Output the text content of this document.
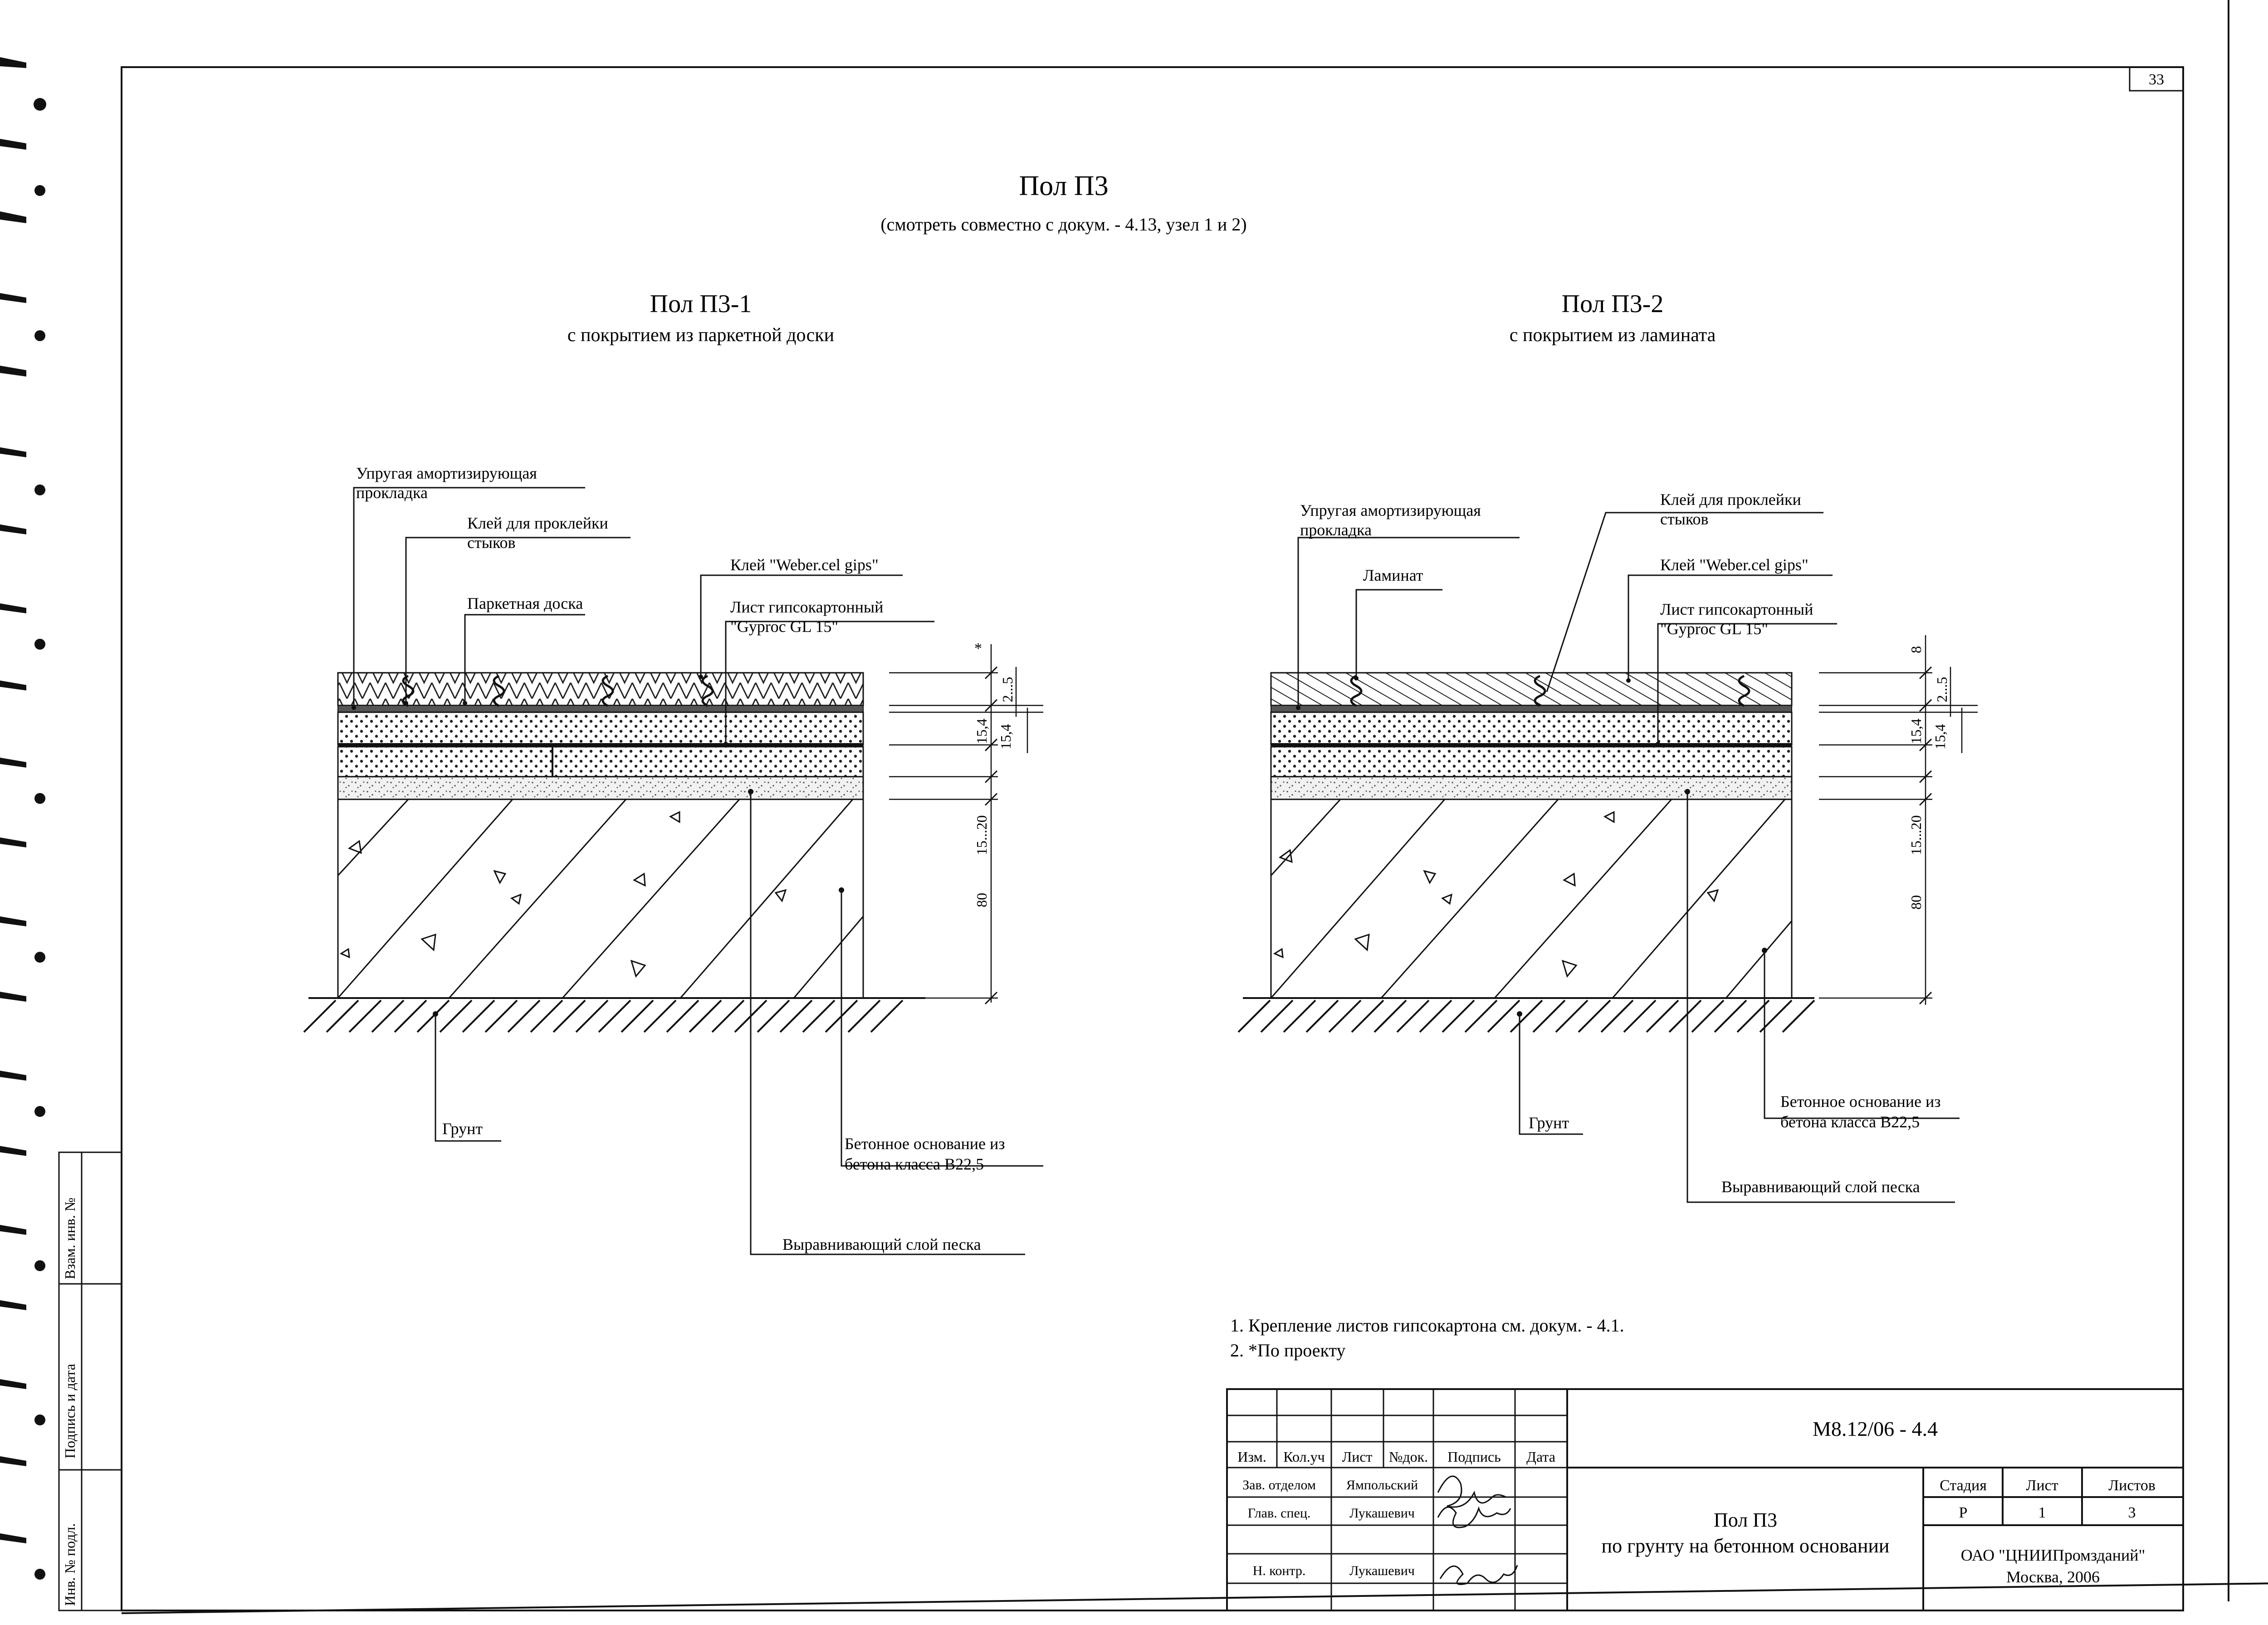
33
Взам. инв. №
Подпись и дата
Инв. № подл.
Пол П3
(смотреть совместно с докум. - 4.13, узел 1 и 2)
Пол П3-1
с покрытием из паркетной доски
Упругая амортизирующая
прокладка
Клей для проклейки
стыков
Паркетная доска
Клей "Weber.cel gips"
Лист гипсокартонный
"Gyproc GL 15"
Грунт
Бетонное основание из
бетона класса B22,5
Выравнивающий слой песка
*
2...5
15,4 15,4
15...20
80
Пол П3-2
с покрытием из ламината
Упругая амортизирующая
прокладка
Ламинат
Клей для проклейки
стыков
Клей "Weber.cel gips"
Лист гипсокартонный
"Gyproc GL 15"
Грунт
Бетонное основание из
бетона класса B22,5
Выравнивающий слой песка
8
2...5
15,4 15,4
15...20
80
1. Крепление листов гипсокартона см. докум. - 4.1.
2. *По проекту
M8.12/06 - 4.4
Изм. Кол.уч Лист №док. Подпись Дата
Зав. отделом Ямпольский
Глав. спец.	Лукашевич
Н. контр.	Лукашевич
Пол П3
по грунту на бетонном основании
Стадия	Лист	Листов
Р	1	3
ОАО "ЦНИИПромзданий"
Москва, 2006
